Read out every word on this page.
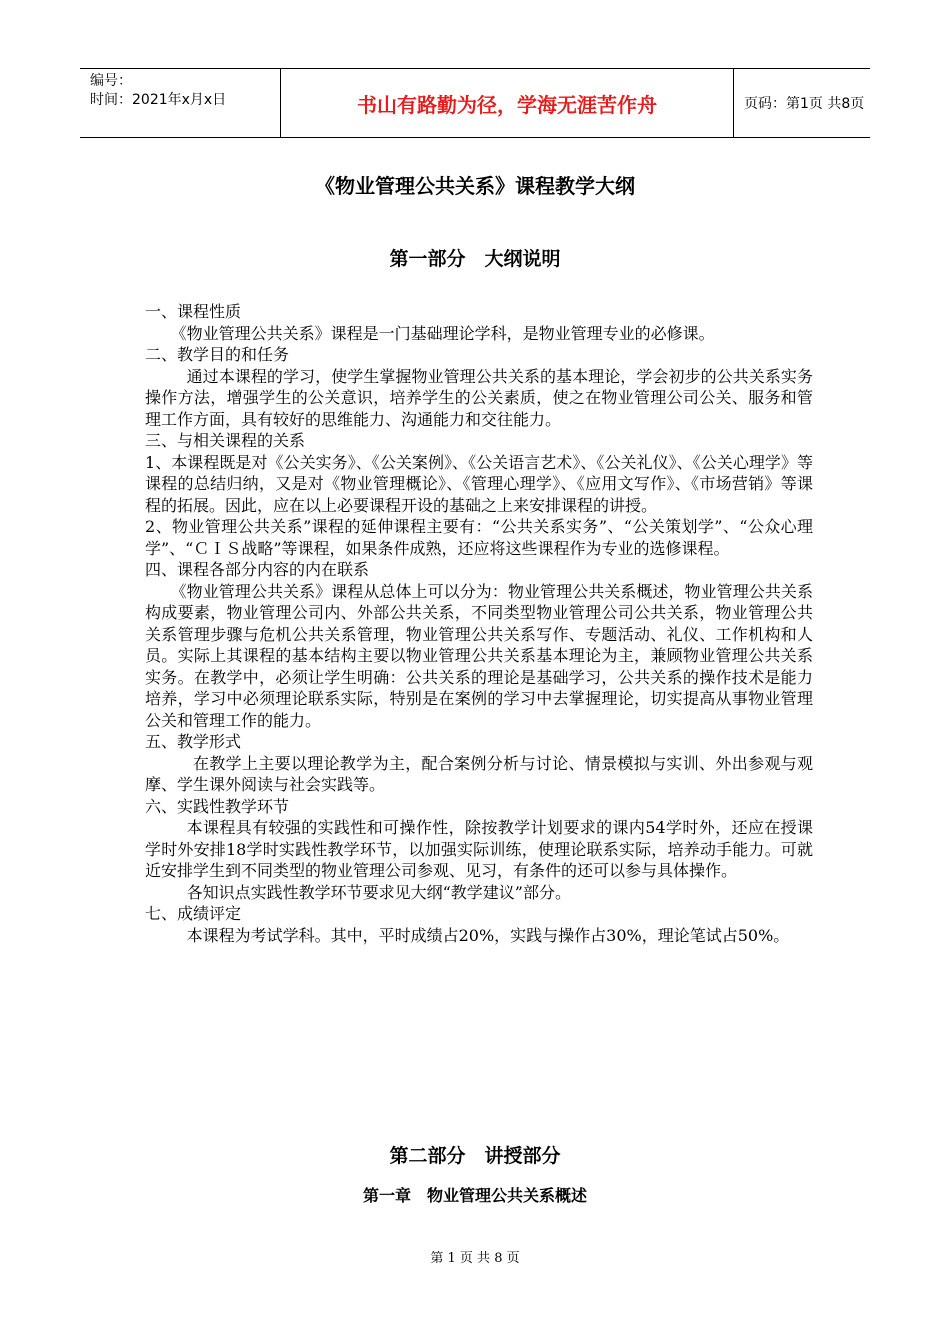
编号：
时间：2021年x月x日	书山有路勤为径，学海无涯苦作舟	页码：第1页 共8页
《物业管理公共关系》课程教学大纲
第一部分　大纲说明

一、课程性质

《物业管理公共关系》课程是一门基础理论学科，是物业管理专业的必修课。

二、教学目的和任务

通过本课程的学习，使学生掌握物业管理公共关系的基本理论，学会初步的公共关系实务操作方法，增强学生的公关意识，培养学生的公关素质，使之在物业管理公司公关、服务和管理工作方面，具有较好的思维能力、沟通能力和交往能力。

三、与相关课程的关系

1、本课程既是对《公关实务》、《公关案例》、《公关语言艺术》、《公关礼仪》、《公关心理学》等课程的总结归纳，又是对《物业管理概论》、《管理心理学》、《应用文写作》、《市场营销》等课程的拓展。因此，应在以上必要课程开设的基础之上来安排课程的讲授。

2、物业管理公共关系”课程的延伸课程主要有：“公共关系实务”、“公关策划学”、“公众心理学”、“ＣＩＳ战略”等课程，如果条件成熟，还应将这些课程作为专业的选修课程。

四、课程各部分内容的内在联系

《物业管理公共关系》课程从总体上可以分为：物业管理公共关系概述，物业管理公共关系构成要素，物业管理公司内、外部公共关系，不同类型物业管理公司公共关系，物业管理公共关系管理步骤与危机公共关系管理，物业管理公共关系写作、专题活动、礼仪、工作机构和人员。实际上其课程的基本结构主要以物业管理公共关系基本理论为主，兼顾物业管理公共关系实务。在教学中，必须让学生明确：公共关系的理论是基础学习，公共关系的操作技术是能力培养，学习中必须理论联系实际，特别是在案例的学习中去掌握理论，切实提高从事物业管理公关和管理工作的能力。

五、教学形式

在教学上主要以理论教学为主，配合案例分析与讨论、情景模拟与实训、外出参观与观摩、学生课外阅读与社会实践等。

六、实践性教学环节

本课程具有较强的实践性和可操作性，除按教学计划要求的课内54学时外，还应在授课学时外安排18学时实践性教学环节，以加强实际训练，使理论联系实际，培养动手能力。可就近安排学生到不同类型的物业管理公司参观、见习，有条件的还可以参与具体操作。

各知识点实践性教学环节要求见大纲“教学建议”部分。

七、成绩评定

本课程为考试学科。其中，平时成绩占20%，实践与操作占30%，理论笔试占50%。

第二部分　讲授部分
第一章　物业管理公共关系概述
第 1 页 共 8 页
